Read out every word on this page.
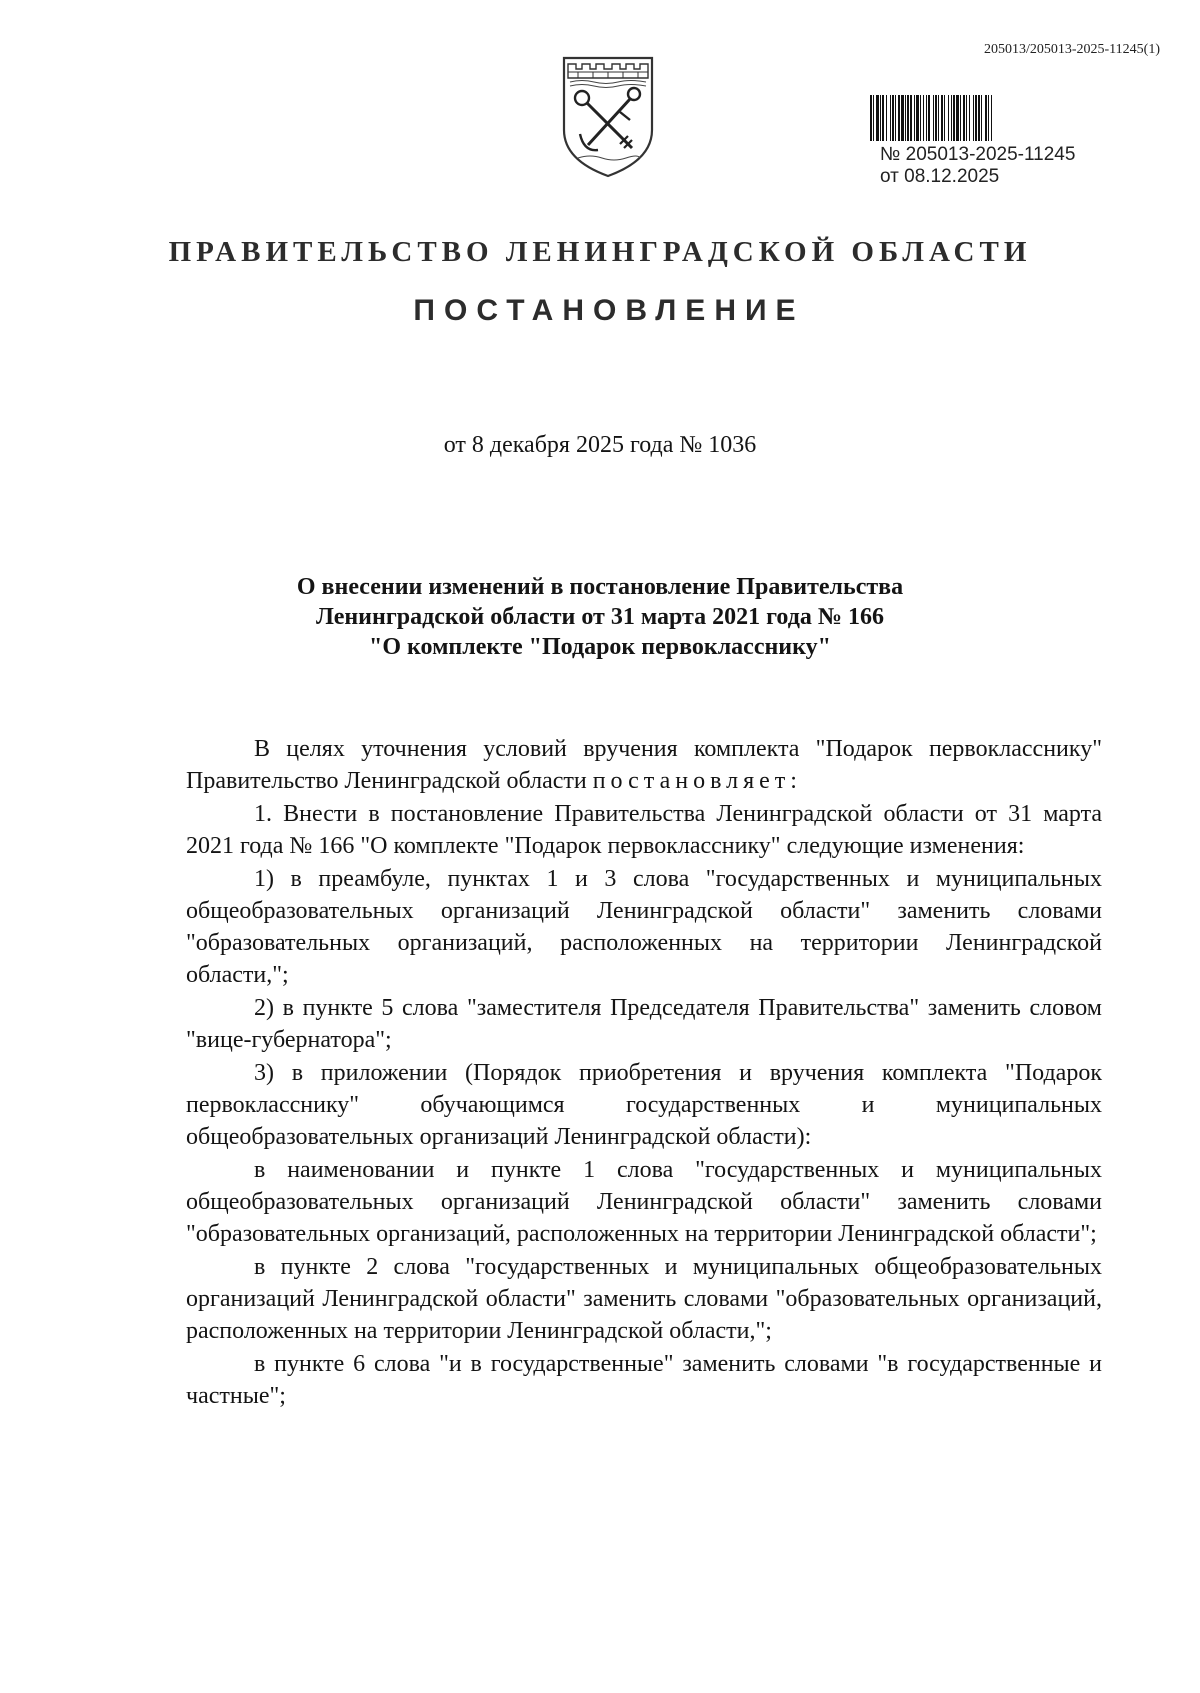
205013/205013-2025-11245(1)
№ 205013-2025-11245
от 08.12.2025
ПРАВИТЕЛЬСТВО ЛЕНИНГРАДСКОЙ ОБЛАСТИ
ПОСТАНОВЛЕНИЕ
от 8 декабря 2025 года № 1036
О внесении изменений в постановление Правительства
Ленинградской области от 31 марта 2021 года № 166
"О комплекте "Подарок первокласснику"

В целях уточнения условий вручения комплекта "Подарок первокласснику" Правительство Ленинградской области постановляет:

1. Внести в постановление Правительства Ленинградской области от 31 марта 2021 года № 166 "О комплекте "Подарок первокласснику" следующие изменения:

1) в преамбуле, пунктах 1 и 3 слова "государственных и муниципальных общеобразовательных организаций Ленинградской области" заменить словами "образовательных организаций, расположенных на территории Ленинградской области,";

2) в пункте 5 слова "заместителя Председателя Правительства" заменить словом "вице-губернатора";

3) в приложении (Порядок приобретения и вручения комплекта "Подарок первокласснику" обучающимся государственных и муниципальных общеобразовательных организаций Ленинградской области):

в наименовании и пункте 1 слова "государственных и муниципальных общеобразовательных организаций Ленинградской области" заменить словами "образовательных организаций, расположенных на территории Ленинградской области";

в пункте 2 слова "государственных и муниципальных общеобразовательных организаций Ленинградской области" заменить словами "образовательных организаций, расположенных на территории Ленинградской области,";

в пункте 6 слова "и в государственные" заменить словами "в государственные и частные";
